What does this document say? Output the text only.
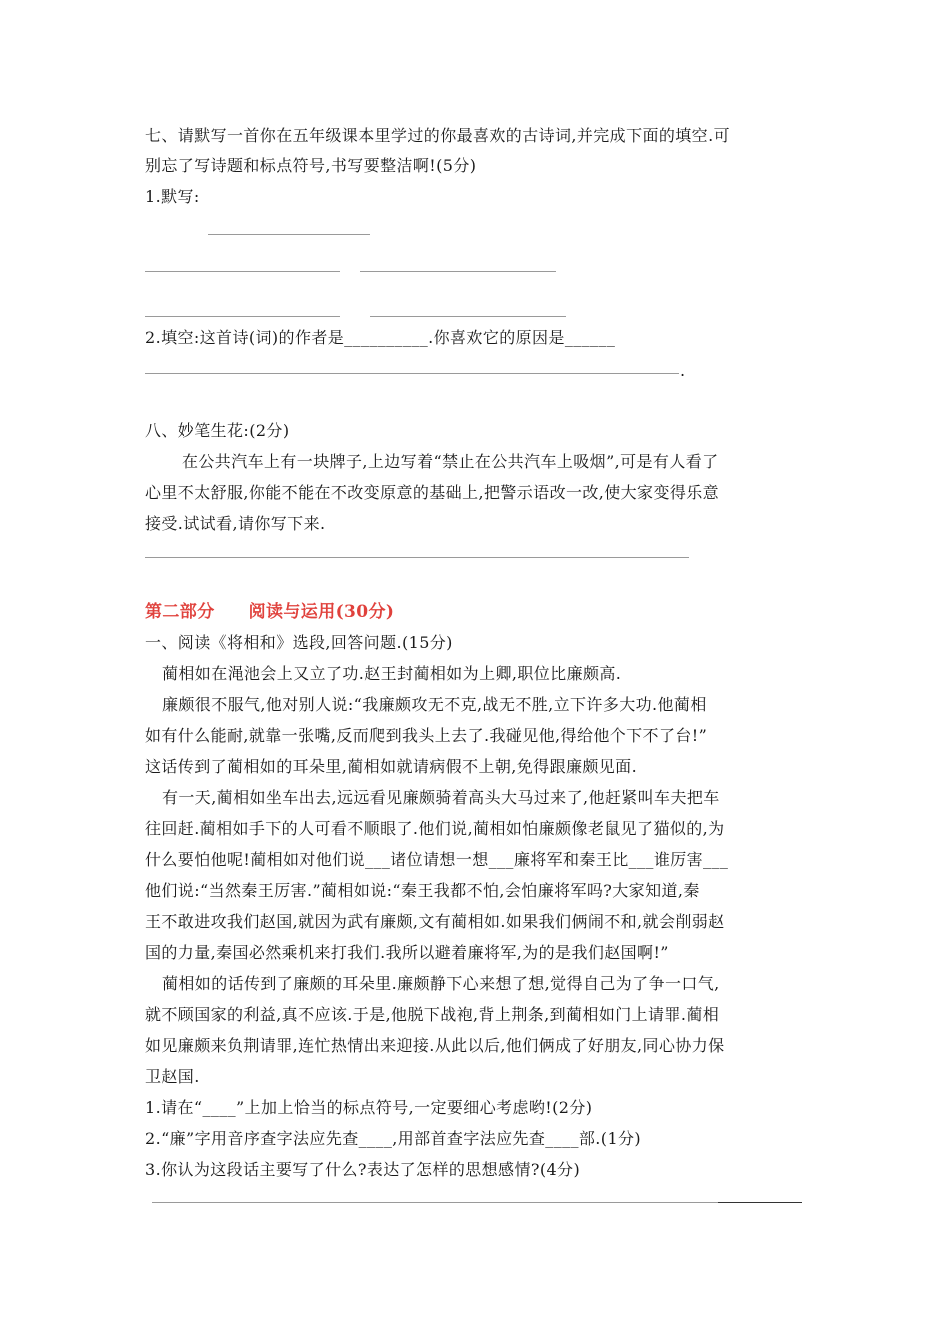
七、请默写一首你在五年级课本里学过的你最喜欢的古诗词,并完成下面的填空.可
别忘了写诗题和标点符号,书写要整洁啊!(5分)
1.默写:
2.填空:这首诗(词)的作者是__________.你喜欢它的原因是______
.
八、妙笔生花:(2分)
在公共汽车上有一块牌子,上边写着“禁止在公共汽车上吸烟”,可是有人看了
心里不太舒服,你能不能在不改变原意的基础上,把警示语改一改,使大家变得乐意
接受.试试看,请你写下来.
第二部分 阅读与运用(30分)
一、阅读《将相和》选段,回答问题.(15分)
蔺相如在渑池会上又立了功.赵王封蔺相如为上卿,职位比廉颇高.
廉颇很不服气,他对别人说:“我廉颇攻无不克,战无不胜,立下许多大功.他蔺相
如有什么能耐,就靠一张嘴,反而爬到我头上去了.我碰见他,得给他个下不了台!”
这话传到了蔺相如的耳朵里,蔺相如就请病假不上朝,免得跟廉颇见面.
有一天,蔺相如坐车出去,远远看见廉颇骑着高头大马过来了,他赶紧叫车夫把车
往回赶.蔺相如手下的人可看不顺眼了.他们说,蔺相如怕廉颇像老鼠见了猫似的,为
什么要怕他呢!蔺相如对他们说___诸位请想一想___廉将军和秦王比___谁厉害___
他们说:“当然秦王厉害.”蔺相如说:“秦王我都不怕,会怕廉将军吗?大家知道,秦
王不敢进攻我们赵国,就因为武有廉颇,文有蔺相如.如果我们俩闹不和,就会削弱赵
国的力量,秦国必然乘机来打我们.我所以避着廉将军,为的是我们赵国啊!”
蔺相如的话传到了廉颇的耳朵里.廉颇静下心来想了想,觉得自己为了争一口气,
就不顾国家的利益,真不应该.于是,他脱下战袍,背上荆条,到蔺相如门上请罪.蔺相
如见廉颇来负荆请罪,连忙热情出来迎接.从此以后,他们俩成了好朋友,同心协力保
卫赵国.
1.请在“____”上加上恰当的标点符号,一定要细心考虑哟!(2分)
2.“廉”字用音序查字法应先查____,用部首查字法应先查____部.(1分)
3.你认为这段话主要写了什么?表达了怎样的思想感情?(4分)
